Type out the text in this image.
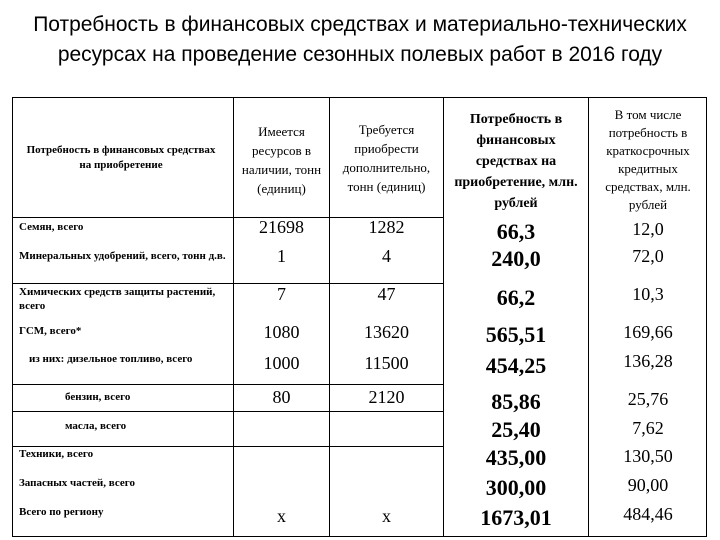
Потребность в финансовых средствах и материально-технических
ресурсах на проведение сезонных полевых работ в 2016 году
Потребность в финансовых средствах на приобретение
Имеется ресурсов в наличии, тонн (единиц)
Требуется приобрести дополнительно, тонн (единиц)
Потребность в финансовых средствах на приобретение, млн. рублей
В том числе потребность в краткосрочных кредитных средствах, млн. рублей
Семян, всего
Минеральных удобрений, всего, тонн д.в.
Химических средств защиты растений, всего
ГСМ, всего*
из них: дизельное топливо, всего
бензин, всего
масла, всего
Техники, всего
Запасных частей, всего
Всего по региону
21698
1
7
1080
1000
80
x
1282
4
47
13620
11500
2120
x
66,3
240,0
66,2
565,51
454,25
85,86
25,40
435,00
300,00
1673,01
12,0
72,0
10,3
169,66
136,28
25,76
7,62
130,50
90,00
484,46
